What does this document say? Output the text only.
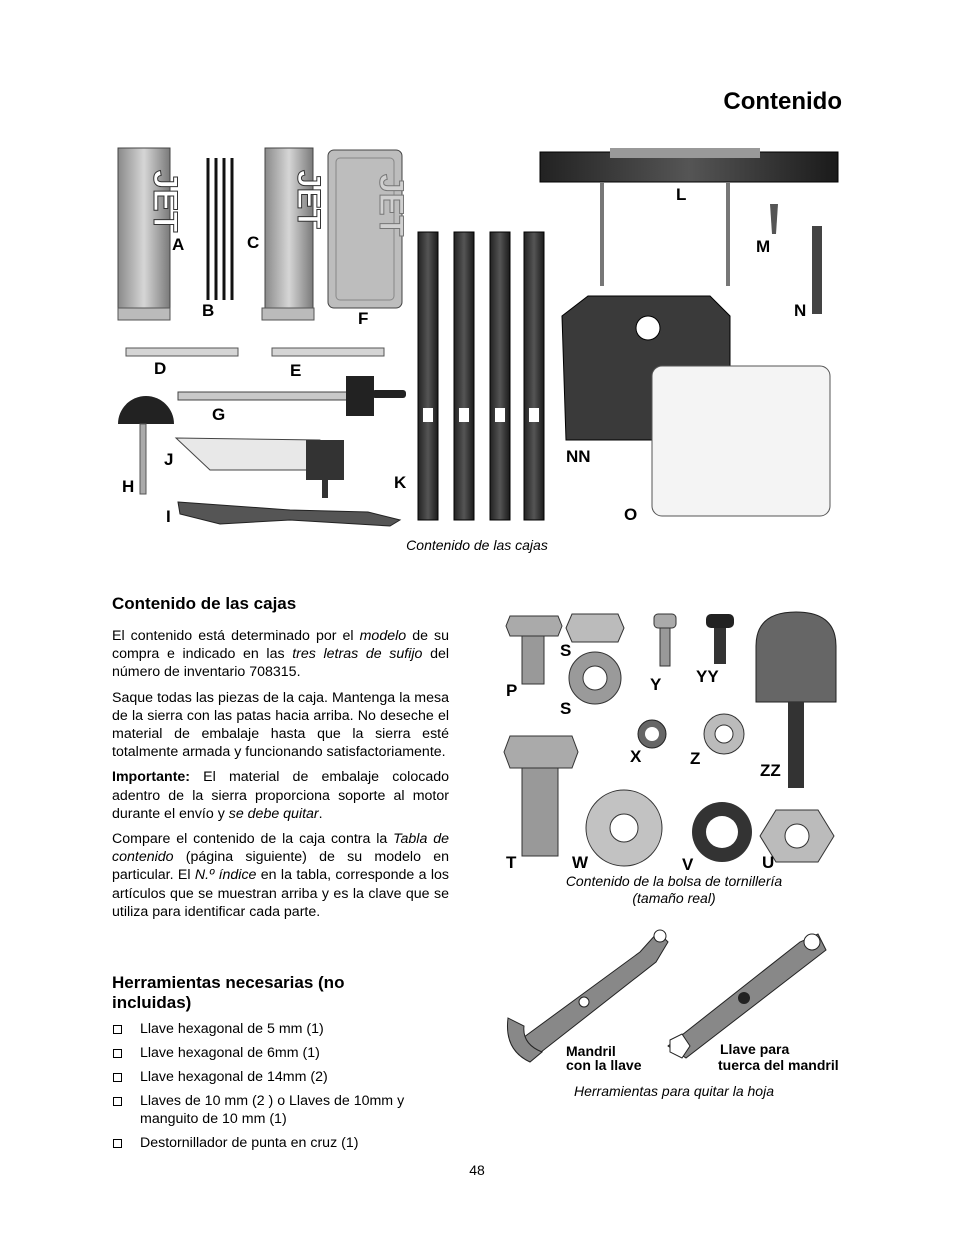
Contenido
JET	JET JET
A
B
C
F
D	E
G
H
J
I
K
L
M
N
NN
O
Contenido de las cajas
Contenido de las cajas

El contenido está determinado por el modelo de su compra e indicado en las tres letras de sufijo del número de inventario 708315.

Saque todas las piezas de la caja. Mantenga la mesa de la sierra con las patas hacia arriba. No deseche el material de embalaje hasta que la sierra esté totalmente armada y funcionando satisfactoriamente.

Importante: El material de embalaje colocado adentro de la sierra proporciona soporte al motor durante el envío y se debe quitar.

Compare el contenido de la caja contra la Tabla de contenido (página siguiente) de su modelo en particular. El N.º índice en la tabla, corresponde a los artículos que se muestran arriba y es la clave que se utiliza para identificar cada parte.

Herramientas necesarias (no incluidas)
Llave hexagonal de 5 mm (1)
Llave hexagonal de 6mm (1)
Llave hexagonal de 14mm (2)
Llaves de 10 mm (2 ) o Llaves de 10mm y manguito de 10 mm (1)
Destornillador de punta en cruz (1)
S
P
S
Y YY
X	Z
ZZ
T	W	V	U
Contenido de la bolsa de tornillería
(tamaño real)
Mandril
con la llave
Llave para
tuerca del mandril
Herramientas para quitar la hoja
48
